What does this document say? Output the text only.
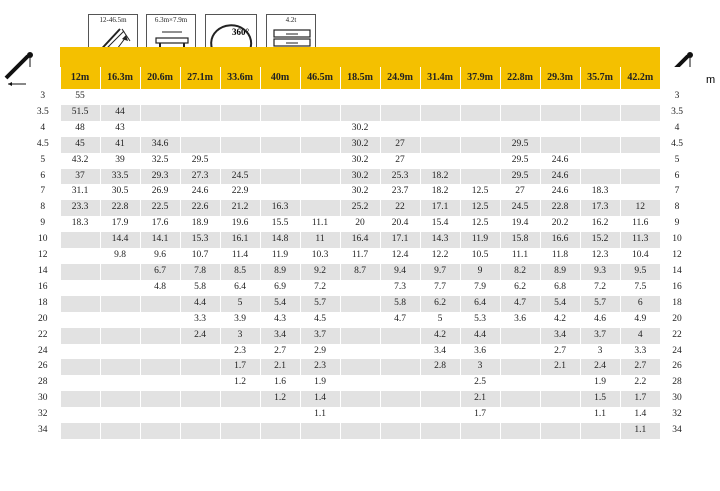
12-46.5m	6.3m×7.9m
360°
4.2t
m
	12m	16.3m	20.6m	27.1m	33.6m	40m	46.5m	18.5m	24.9m	31.4m	37.9m	22.8m	29.3m	35.7m	42.2m	
3	55															3
3.5	51.5	44														3.5
4	48	43						30.2								4
4.5	45	41	34.6					30.2	27			29.5				4.5
5	43.2	39	32.5	29.5				30.2	27			29.5	24.6			5
6	37	33.5	29.3	27.3	24.5			30.2	25.3	18.2		29.5	24.6			6
7	31.1	30.5	26.9	24.6	22.9			30.2	23.7	18.2	12.5	27	24.6	18.3		7
8	23.3	22.8	22.5	22.6	21.2	16.3		25.2	22	17.1	12.5	24.5	22.8	17.3	12	8
9	18.3	17.9	17.6	18.9	19.6	15.5	11.1	20	20.4	15.4	12.5	19.4	20.2	16.2	11.6	9
10		14.4	14.1	15.3	16.1	14.8	11	16.4	17.1	14.3	11.9	15.8	16.6	15.2	11.3	10
12		9.8	9.6	10.7	11.4	11.9	10.3	11.7	12.4	12.2	10.5	11.1	11.8	12.3	10.4	12
14			6.7	7.8	8.5	8.9	9.2	8.7	9.4	9.7	9	8.2	8.9	9.3	9.5	14
16			4.8	5.8	6.4	6.9	7.2		7.3	7.7	7.9	6.2	6.8	7.2	7.5	16
18				4.4	5	5.4	5.7		5.8	6.2	6.4	4.7	5.4	5.7	6	18
20				3.3	3.9	4.3	4.5		4.7	5	5.3	3.6	4.2	4.6	4.9	20
22				2.4	3	3.4	3.7			4.2	4.4		3.4	3.7	4	22
24					2.3	2.7	2.9			3.4	3.6		2.7	3	3.3	24
26					1.7	2.1	2.3			2.8	3		2.1	2.4	2.7	26
28					1.2	1.6	1.9				2.5			1.9	2.2	28
30						1.2	1.4				2.1			1.5	1.7	30
32							1.1				1.7			1.1	1.4	32
34															1.1	34
